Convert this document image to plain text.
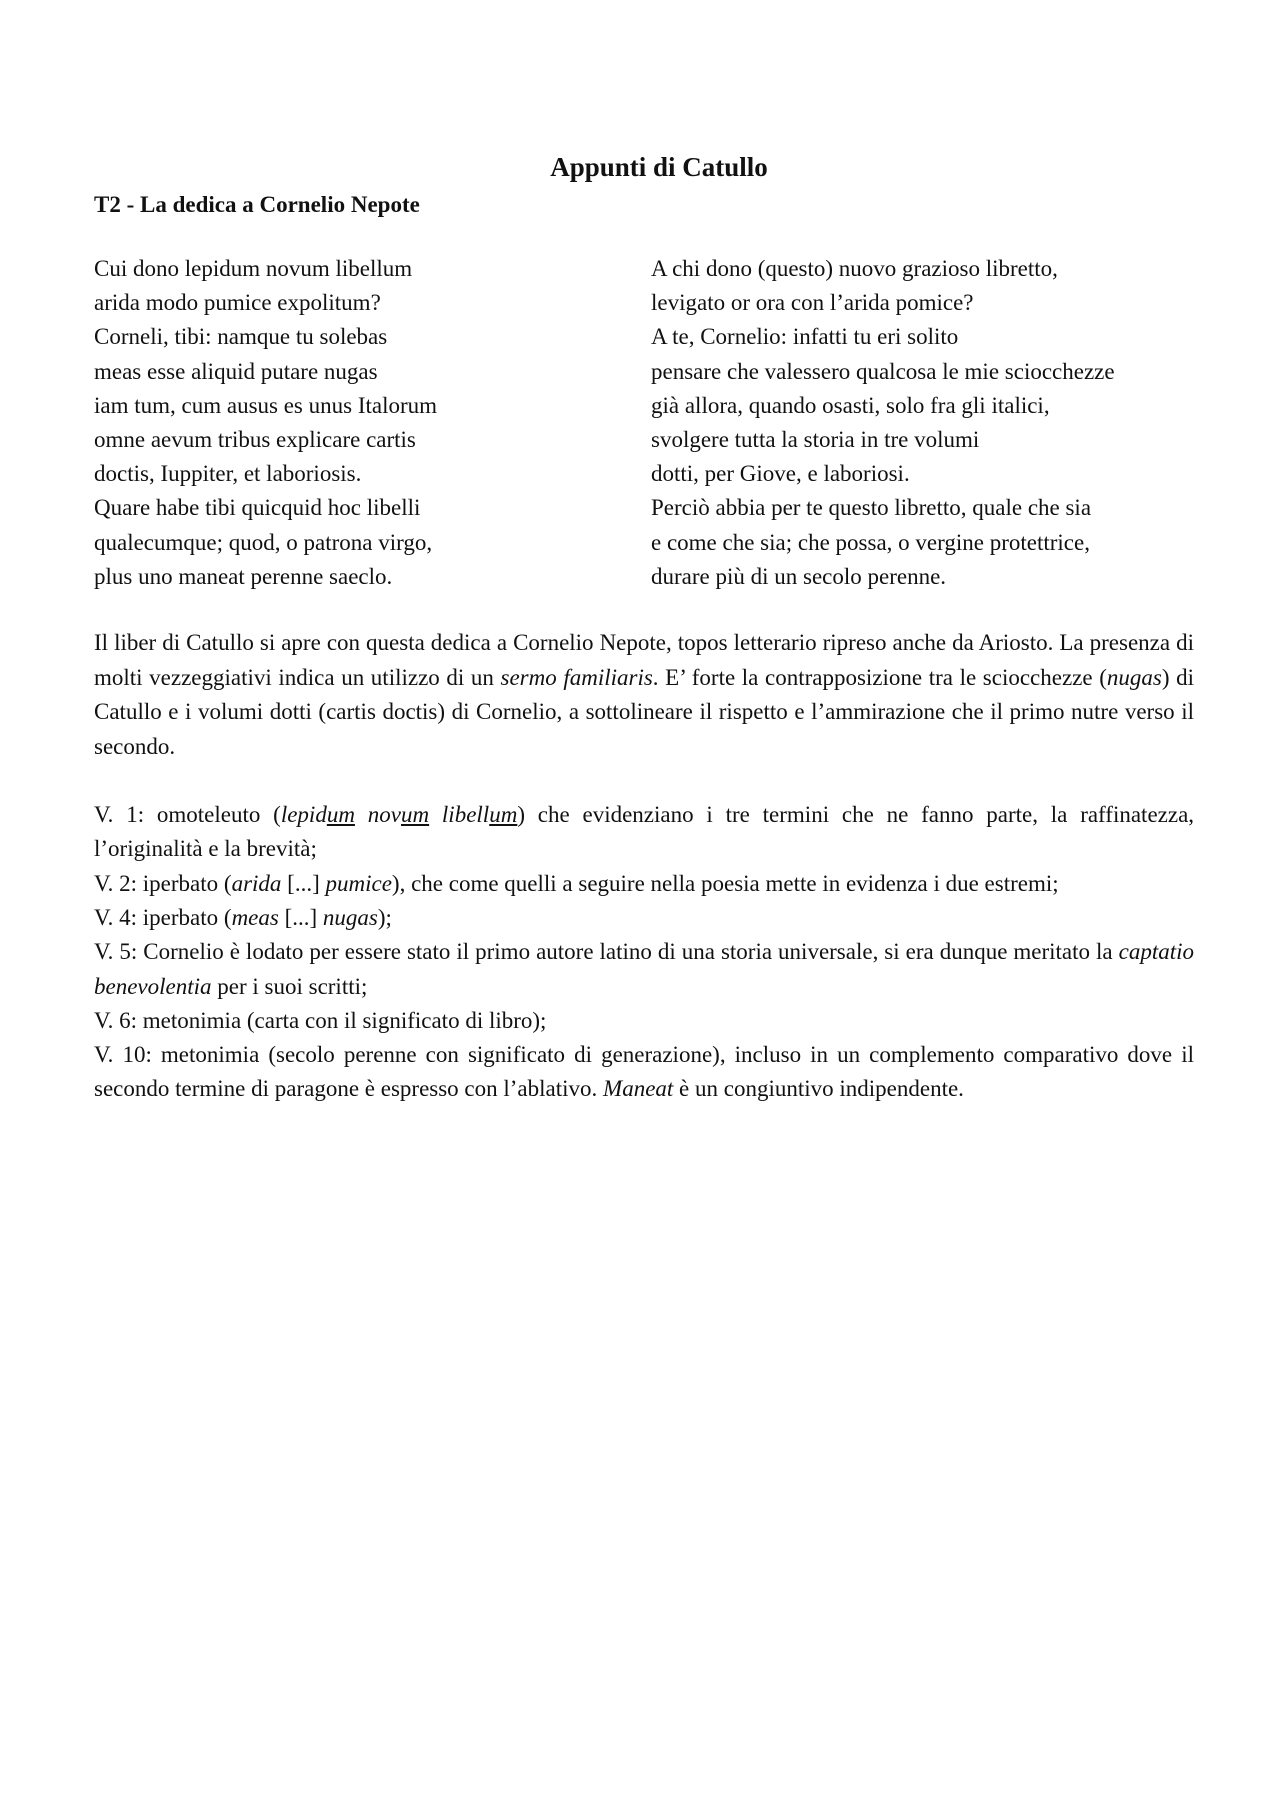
Appunti di Catullo
T2 - La dedica a Cornelio Nepote
Cui dono lepidum novum libellum
arida modo pumice expolitum?
Corneli, tibi: namque tu solebas
meas esse aliquid putare nugas
iam tum, cum ausus es unus Italorum
omne aevum tribus explicare cartis
doctis, Iuppiter, et laboriosis.
Quare habe tibi quicquid hoc libelli
qualecumque; quod, o patrona virgo,
plus uno maneat perenne saeclo.
A chi dono (questo) nuovo grazioso libretto,
levigato or ora con l’arida pomice?
A te, Cornelio: infatti tu eri solito
pensare che valessero qualcosa le mie sciocchezze
già allora, quando osasti, solo fra gli italici,
svolgere tutta la storia in tre volumi
dotti, per Giove, e laboriosi.
Perciò abbia per te questo libretto, quale che sia
e come che sia; che possa, o vergine protettrice,
durare più di un secolo perenne.

Il liber di Catullo si apre con questa dedica a Cornelio Nepote, topos letterario ripreso anche da Ariosto. La presenza di molti vezzeggiativi indica un utilizzo di un sermo familiaris. E’ forte la contrapposizione tra le sciocchezze (nugas) di Catullo e i volumi dotti (cartis doctis) di Cornelio, a sottolineare il rispetto e l’ammirazione che il primo nutre verso il secondo.

V. 1: omoteleuto (lepidum novum libellum) che evidenziano i tre termini che ne fanno parte, la raffinatezza, l’originalità e la brevità;

V. 2: iperbato (arida [...] pumice), che come quelli a seguire nella poesia mette in evidenza i due estremi;

V. 4: iperbato (meas [...] nugas);

V. 5: Cornelio è lodato per essere stato il primo autore latino di una storia universale, si era dunque meritato la captatio benevolentia per i suoi scritti;

V. 6: metonimia (carta con il significato di libro);

V. 10: metonimia (secolo perenne con significato di generazione), incluso in un complemento comparativo dove il secondo termine di paragone è espresso con l’ablativo. Maneat è un congiuntivo indipendente.
